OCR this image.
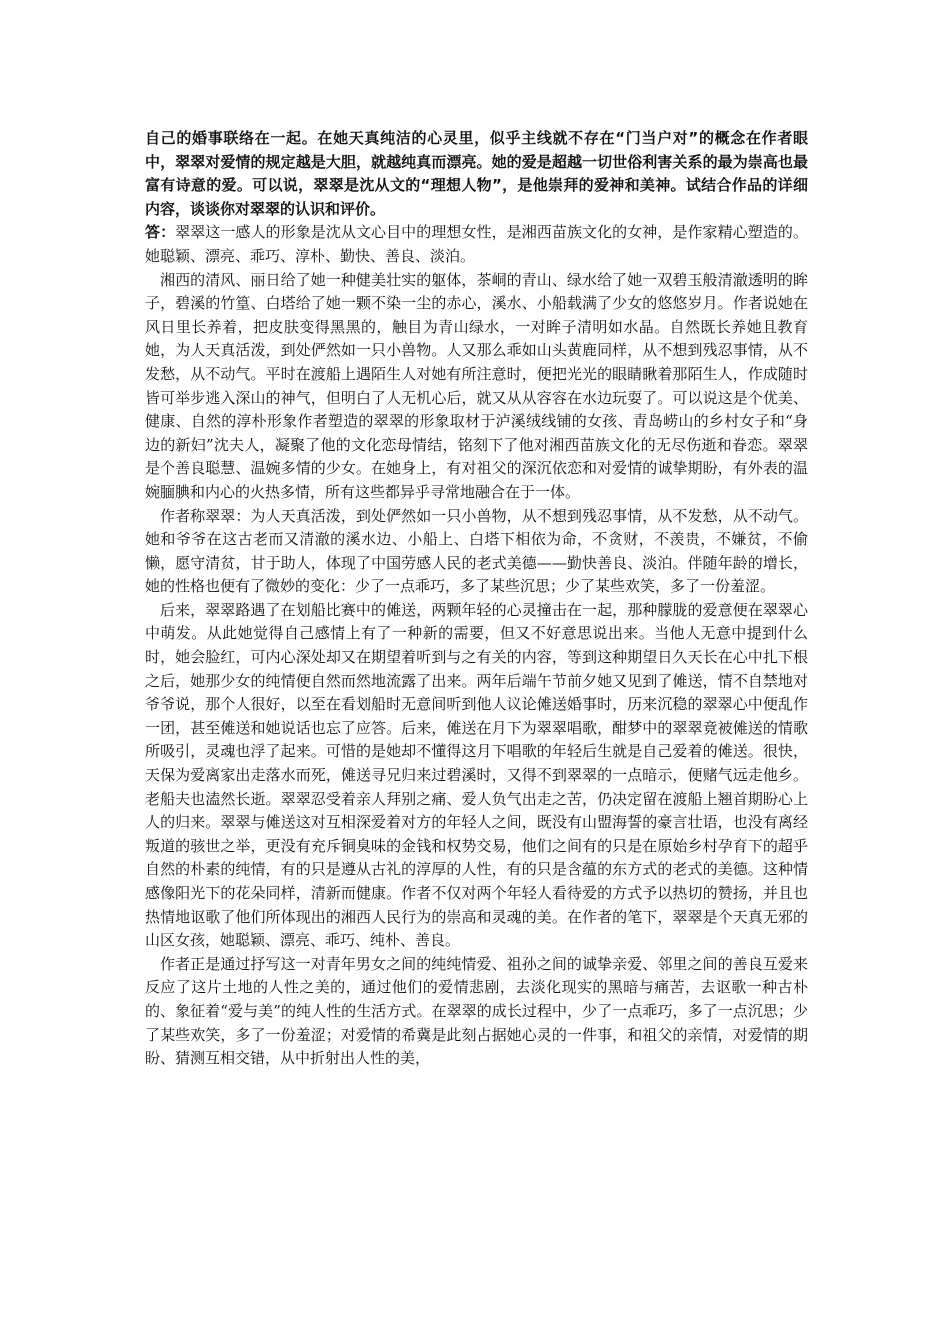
自己的婚事联络在一起。在她天真纯洁的心灵里，似乎主线就不存在“门当户对”的概念在作者眼中，翠翠对爱情的规定越是大胆，就越纯真而漂亮。她的爱是超越一切世俗利害关系的最为崇高也最富有诗意的爱。可以说，翠翠是沈从文的“理想人物”，是他崇拜的爱神和美神。试结合作品的详细内容，谈谈你对翠翠的认识和评价。

答：翠翠这一感人的形象是沈从文心目中的理想女性，是湘西苗族文化的女神，是作家精心塑造的。她聪颖、漂亮、乖巧、淳朴、勤快、善良、淡泊。

湘西的清风、丽日给了她一种健美壮实的躯体，茶峒的青山、绿水给了她一双碧玉般清澈透明的眸子，碧溪的竹篁、白塔给了她一颗不染一尘的赤心，溪水、小船载满了少女的悠悠岁月。作者说她在风日里长养着，把皮肤变得黑黑的，触目为青山绿水，一对眸子清明如水晶。自然既长养她且教育她，为人天真活泼，到处俨然如一只小兽物。人又那么乖如山头黄鹿同样，从不想到残忍事情，从不发愁，从不动气。平时在渡船上遇陌生人对她有所注意时，便把光光的眼睛瞅着那陌生人，作成随时皆可举步逃入深山的神气，但明白了人无机心后，就又从从容容在水边玩耍了。可以说这是个优美、健康、自然的淳朴形象作者塑造的翠翠的形象取材于泸溪绒线铺的女孩、青岛崂山的乡村女子和“身边的新妇”沈夫人，凝聚了他的文化恋母情结，铭刻下了他对湘西苗族文化的无尽伤逝和眷恋。翠翠是个善良聪慧、温婉多情的少女。在她身上，有对祖父的深沉依恋和对爱情的诚挚期盼，有外表的温婉腼腆和内心的火热多情，所有这些都异乎寻常地融合在于一体。

作者称翠翠：为人天真活泼，到处俨然如一只小兽物，从不想到残忍事情，从不发愁，从不动气。她和爷爷在这古老而又清澈的溪水边、小船上、白塔下相依为命，不贪财，不羡贵，不嫌贫，不偷懒，愿守清贫，甘于助人，体现了中国劳感人民的老式美德——勤快善良、淡泊。伴随年龄的增长，她的性格也便有了微妙的变化：少了一点乖巧，多了某些沉思；少了某些欢笑，多了一份羞涩。

后来，翠翠路遇了在划船比赛中的傩送，两颗年轻的心灵撞击在一起，那种朦胧的爱意便在翠翠心中萌发。从此她觉得自己感情上有了一种新的需要，但又不好意思说出来。当他人无意中提到什么时，她会脸红，可内心深处却又在期望着听到与之有关的内容，等到这种期望日久天长在心中扎下根之后，她那少女的纯情便自然而然地流露了出来。两年后端午节前夕她又见到了傩送，情不自禁地对爷爷说，那个人很好，以至在看划船时无意间听到他人议论傩送婚事时，历来沉稳的翠翠心中便乱作一团，甚至傩送和她说话也忘了应答。后来，傩送在月下为翠翠唱歌，酣梦中的翠翠竟被傩送的情歌所吸引，灵魂也浮了起来。可惜的是她却不懂得这月下唱歌的年轻后生就是自己爱着的傩送。很快，天保为爱离家出走落水而死，傩送寻兄归来过碧溪时，又得不到翠翠的一点暗示，便赌气远走他乡。老船夫也溘然长逝。翠翠忍受着亲人拜别之痛、爱人负气出走之苦，仍决定留在渡船上翘首期盼心上人的归来。翠翠与傩送这对互相深爱着对方的年轻人之间，既没有山盟海誓的豪言壮语，也没有离经叛道的骇世之举，更没有充斥铜臭味的金钱和权势交易，他们之间有的只是在原始乡村孕育下的超乎自然的朴素的纯情，有的只是遵从古礼的淳厚的人性，有的只是含蕴的东方式的老式的美德。这种情感像阳光下的花朵同样，清新而健康。作者不仅对两个年轻人看待爱的方式予以热切的赞扬，并且也热情地讴歌了他们所体现出的湘西人民行为的崇高和灵魂的美。在作者的笔下，翠翠是个天真无邪的山区女孩，她聪颖、漂亮、乖巧、纯朴、善良。

作者正是通过抒写这一对青年男女之间的纯纯情爱、祖孙之间的诚挚亲爱、邻里之间的善良互爱来反应了这片土地的人性之美的，通过他们的爱情悲剧，去淡化现实的黑暗与痛苦，去讴歌一种古朴的、象征着“爱与美”的纯人性的生活方式。在翠翠的成长过程中，少了一点乖巧，多了一点沉思；少了某些欢笑，多了一份羞涩；对爱情的希冀是此刻占据她心灵的一件事，和祖父的亲情，对爱情的期盼、猜测互相交错，从中折射出人性的美，
